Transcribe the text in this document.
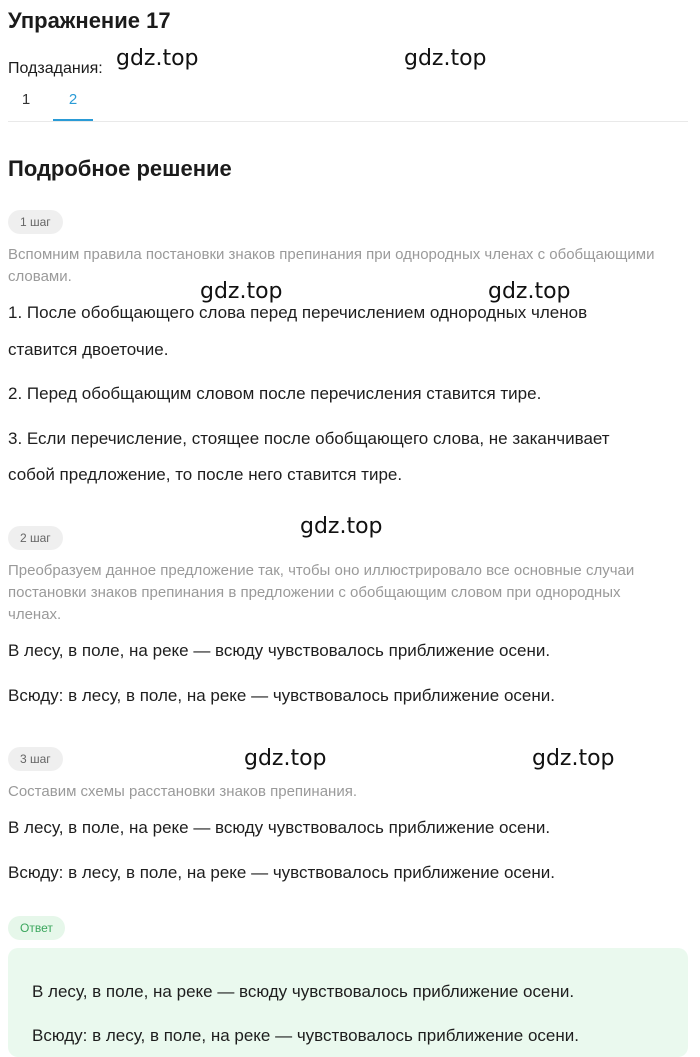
Упражнение 17
Подзадания:
1	2
Подробное решение
1 шаг
Вспомним правила постановки знаков препинания при однородных членах с обобщающими словами.
1. После обобщающего слова перед перечислением однородных членов
ставится двоеточие.
2. Перед обобщающим словом после перечисления ставится тире.
3. Если перечисление, стоящее после обобщающего слова, не заканчивает
собой предложение, то после него ставится тире.
2 шаг
Преобразуем данное предложение так, чтобы оно иллюстрировало все основные случаи постановки знаков препинания в предложении с обобщающим словом при однородных членах.
В лесу, в поле, на реке — всюду чувствовалось приближение осени.
Всюду: в лесу, в поле, на реке — чувствовалось приближение осени.
3 шаг
Составим схемы расстановки знаков препинания.
В лесу, в поле, на реке — всюду чувствовалось приближение осени.
Всюду: в лесу, в поле, на реке — чувствовалось приближение осени.
Ответ
В лесу, в поле, на реке — всюду чувствовалось приближение осени.
Всюду: в лесу, в поле, на реке — чувствовалось приближение осени.
gdz.top	gdz.top
gdz.top	gdz.top
gdz.top
gdz.top	gdz.top
